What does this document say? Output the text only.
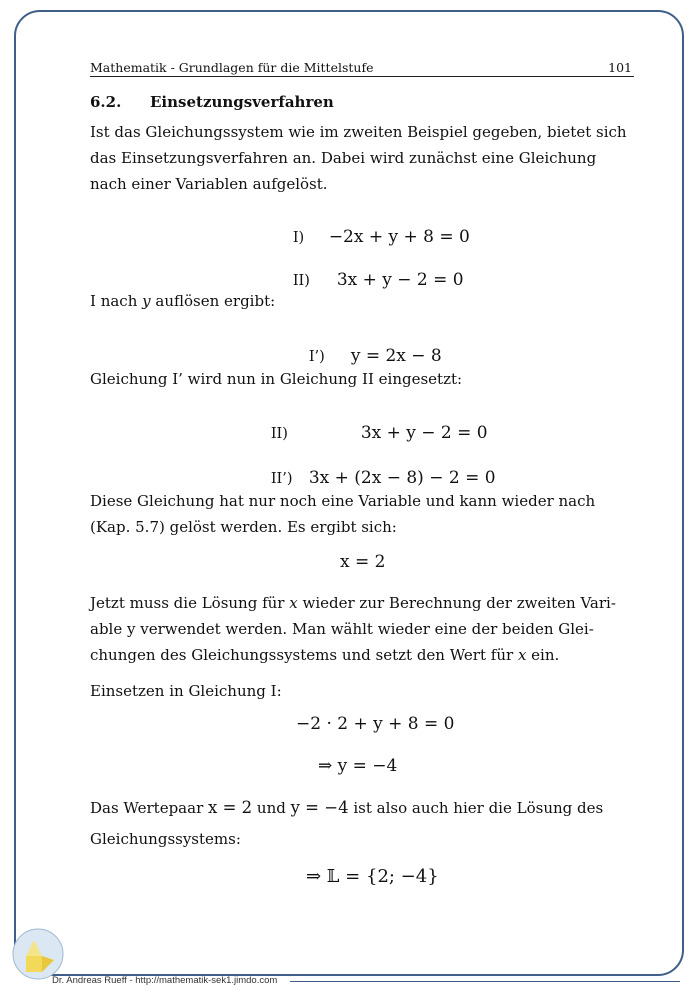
Mathematik - Grundlagen für die Mittelstufe	101
6.2. Einsetzungsverfahren
Ist das Gleichungssystem wie im zweiten Beispiel gegeben, bietet sich
das Einsetzungsverfahren an. Dabei wird zunächst eine Gleichung
nach einer Variablen aufgelöst.

I) −2x + y + 8 = 0

II) 3x + y − 2 = 0

I nach y auflösen ergibt:

I’) y = 2x − 8

Gleichung I’ wird nun in Gleichung II eingesetzt:

II)	3x + y − 2 = 0

II’) 3x + (2x − 8) − 2 = 0

Diese Gleichung hat nur noch eine Variable und kann wieder nach
(Kap. 5.7) gelöst werden. Es ergibt sich:
x = 2
Jetzt muss die Lösung für x wieder zur Berechnung der zweiten Vari-
able y verwendet werden. Man wählt wieder eine der beiden Glei-
chungen des Gleichungssystems und setzt den Wert für x ein.
Einsetzen in Gleichung I:
−2 · 2 + y + 8 = 0
⇒ y = −4
Das Wertepaar x = 2 und y = −4 ist also auch hier die Lösung des
Gleichungssystems:
⇒ 𝕃 = {2; −4}
Dr. Andreas Rueff - http://mathematik-sek1.jimdo.com
